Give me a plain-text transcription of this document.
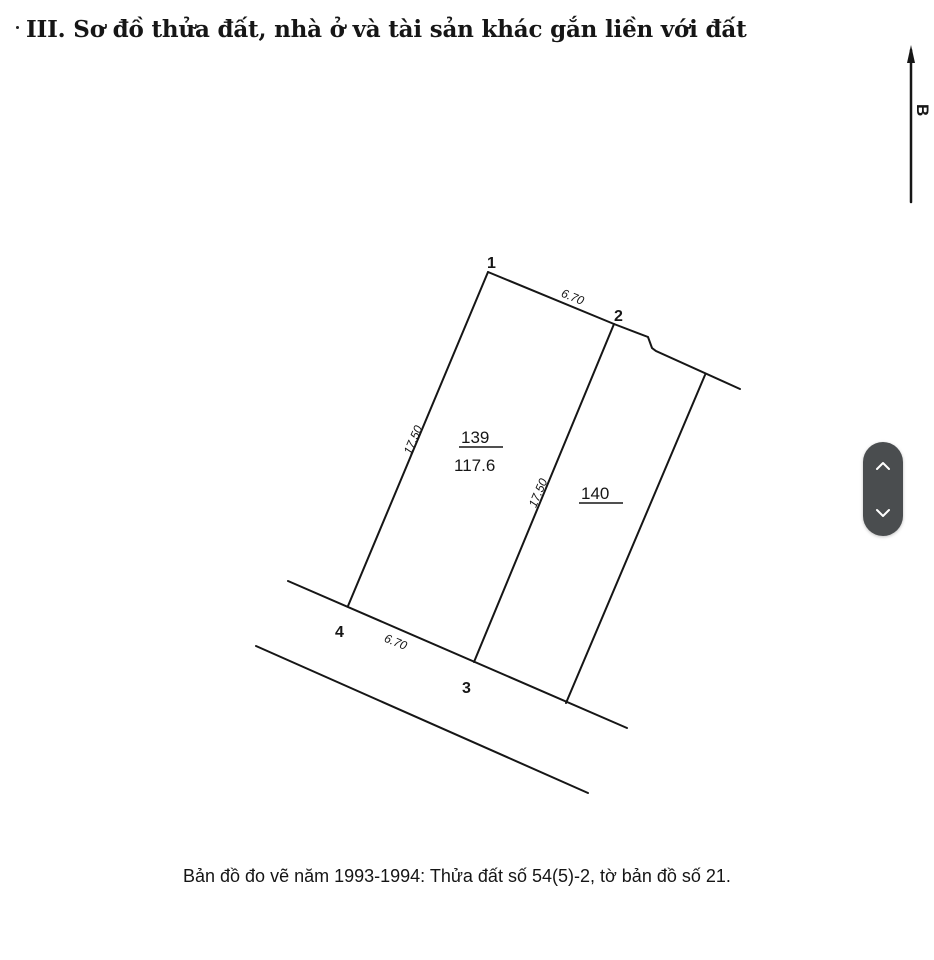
III. Sơ đồ thửa đất, nhà ở và tài sản khác gắn liền với đất
1
2
3
4
B
6.70
6.70
17.50
17.50
139
117.6
140
Bản đồ đo vẽ năm 1993-1994: Thửa đất số 54(5)-2, tờ bản đồ số 21.
